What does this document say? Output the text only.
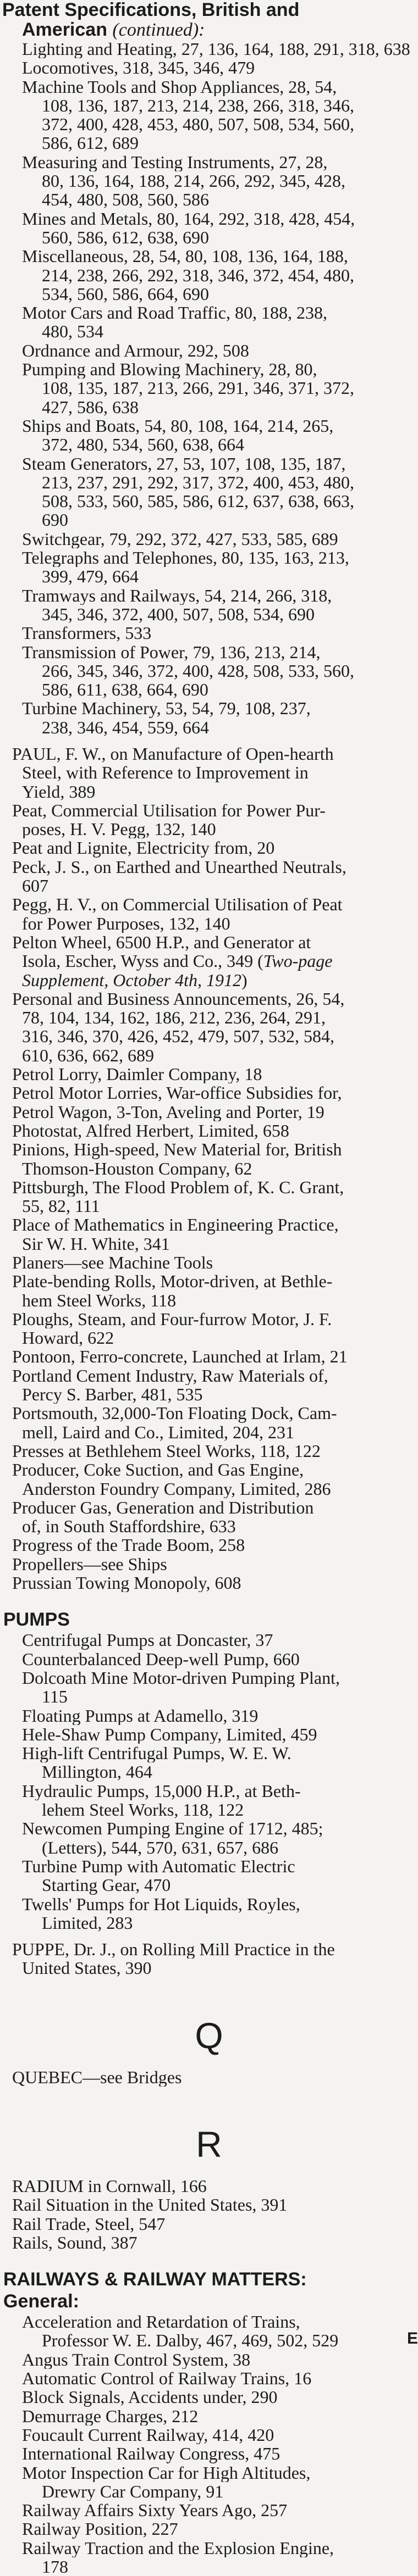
Patent Specifications, British and
American (continued):
Lighting and Heating, 27, 136, 164, 188, 291, 318, 638
Locomotives, 318, 345, 346, 479
Machine Tools and Shop Appliances, 28, 54,
108, 136, 187, 213, 214, 238, 266, 318, 346,
372, 400, 428, 453, 480, 507, 508, 534, 560,
586, 612, 689
Measuring and Testing Instruments, 27, 28,
80, 136, 164, 188, 214, 266, 292, 345, 428,
454, 480, 508, 560, 586
Mines and Metals, 80, 164, 292, 318, 428, 454,
560, 586, 612, 638, 690
Miscellaneous, 28, 54, 80, 108, 136, 164, 188,
214, 238, 266, 292, 318, 346, 372, 454, 480,
534, 560, 586, 664, 690
Motor Cars and Road Traffic, 80, 188, 238,
480, 534
Ordnance and Armour, 292, 508
Pumping and Blowing Machinery, 28, 80,
108, 135, 187, 213, 266, 291, 346, 371, 372,
427, 586, 638
Ships and Boats, 54, 80, 108, 164, 214, 265,
372, 480, 534, 560, 638, 664
Steam Generators, 27, 53, 107, 108, 135, 187,
213, 237, 291, 292, 317, 372, 400, 453, 480,
508, 533, 560, 585, 586, 612, 637, 638, 663,
690
Switchgear, 79, 292, 372, 427, 533, 585, 689
Telegraphs and Telephones, 80, 135, 163, 213,
399, 479, 664
Tramways and Railways, 54, 214, 266, 318,
345, 346, 372, 400, 507, 508, 534, 690
Transformers, 533
Transmission of Power, 79, 136, 213, 214,
266, 345, 346, 372, 400, 428, 508, 533, 560,
586, 611, 638, 664, 690
Turbine Machinery, 53, 54, 79, 108, 237,
238, 346, 454, 559, 664
PAUL, F. W., on Manufacture of Open-hearth
Steel, with Reference to Improvement in
Yield, 389
Peat, Commercial Utilisation for Power Pur-
poses, H. V. Pegg, 132, 140
Peat and Lignite, Electricity from, 20
Peck, J. S., on Earthed and Unearthed Neutrals,
607
Pegg, H. V., on Commercial Utilisation of Peat
for Power Purposes, 132, 140
Pelton Wheel, 6500 H.P., and Generator at
Isola, Escher, Wyss and Co., 349 (Two-page
Supplement, October 4th, 1912)
Personal and Business Announcements, 26, 54,
78, 104, 134, 162, 186, 212, 236, 264, 291,
316, 346, 370, 426, 452, 479, 507, 532, 584,
610, 636, 662, 689
Petrol Lorry, Daimler Company, 18
Petrol Motor Lorries, War-office Subsidies for,
Petrol Wagon, 3-Ton, Aveling and Porter, 19
Photostat, Alfred Herbert, Limited, 658
Pinions, High-speed, New Material for, British
Thomson-Houston Company, 62
Pittsburgh, The Flood Problem of, K. C. Grant,
55, 82, 111
Place of Mathematics in Engineering Practice,
Sir W. H. White, 341
Planers—see Machine Tools
Plate-bending Rolls, Motor-driven, at Bethle-
hem Steel Works, 118
Ploughs, Steam, and Four-furrow Motor, J. F.
Howard, 622
Pontoon, Ferro-concrete, Launched at Irlam, 21
Portland Cement Industry, Raw Materials of,
Percy S. Barber, 481, 535
Portsmouth, 32,000-Ton Floating Dock, Cam-
mell, Laird and Co., Limited, 204, 231
Presses at Bethlehem Steel Works, 118, 122
Producer, Coke Suction, and Gas Engine,
Anderston Foundry Company, Limited, 286
Producer Gas, Generation and Distribution
of, in South Staffordshire, 633
Progress of the Trade Boom, 258
Propellers—see Ships
Prussian Towing Monopoly, 608
PUMPS
Centrifugal Pumps at Doncaster, 37
Counterbalanced Deep-well Pump, 660
Dolcoath Mine Motor-driven Pumping Plant,
115
Floating Pumps at Adamello, 319
Hele-Shaw Pump Company, Limited, 459
High-lift Centrifugal Pumps, W. E. W.
Millington, 464
Hydraulic Pumps, 15,000 H.P., at Beth-
lehem Steel Works, 118, 122
Newcomen Pumping Engine of 1712, 485;
(Letters), 544, 570, 631, 657, 686
Turbine Pump with Automatic Electric
Starting Gear, 470
Twells' Pumps for Hot Liquids, Royles,
Limited, 283
PUPPE, Dr. J., on Rolling Mill Practice in the
United States, 390
Q
QUEBEC—see Bridges
R
RADIUM in Cornwall, 166
Rail Situation in the United States, 391
Rail Trade, Steel, 547
Rails, Sound, 387
RAILWAYS & RAILWAY MATTERS:
General:
Acceleration and Retardation of Trains,
Professor W. E. Dalby, 467, 469, 502, 529
Angus Train Control System, 38
Automatic Control of Railway Trains, 16
Block Signals, Accidents under, 290
Demurrage Charges, 212
Foucault Current Railway, 414, 420
International Railway Congress, 475
Motor Inspection Car for High Altitudes,
Drewry Car Company, 91
Railway Affairs Sixty Years Ago, 257
Railway Position, 227
Railway Traction and the Explosion Engine,
178
E
